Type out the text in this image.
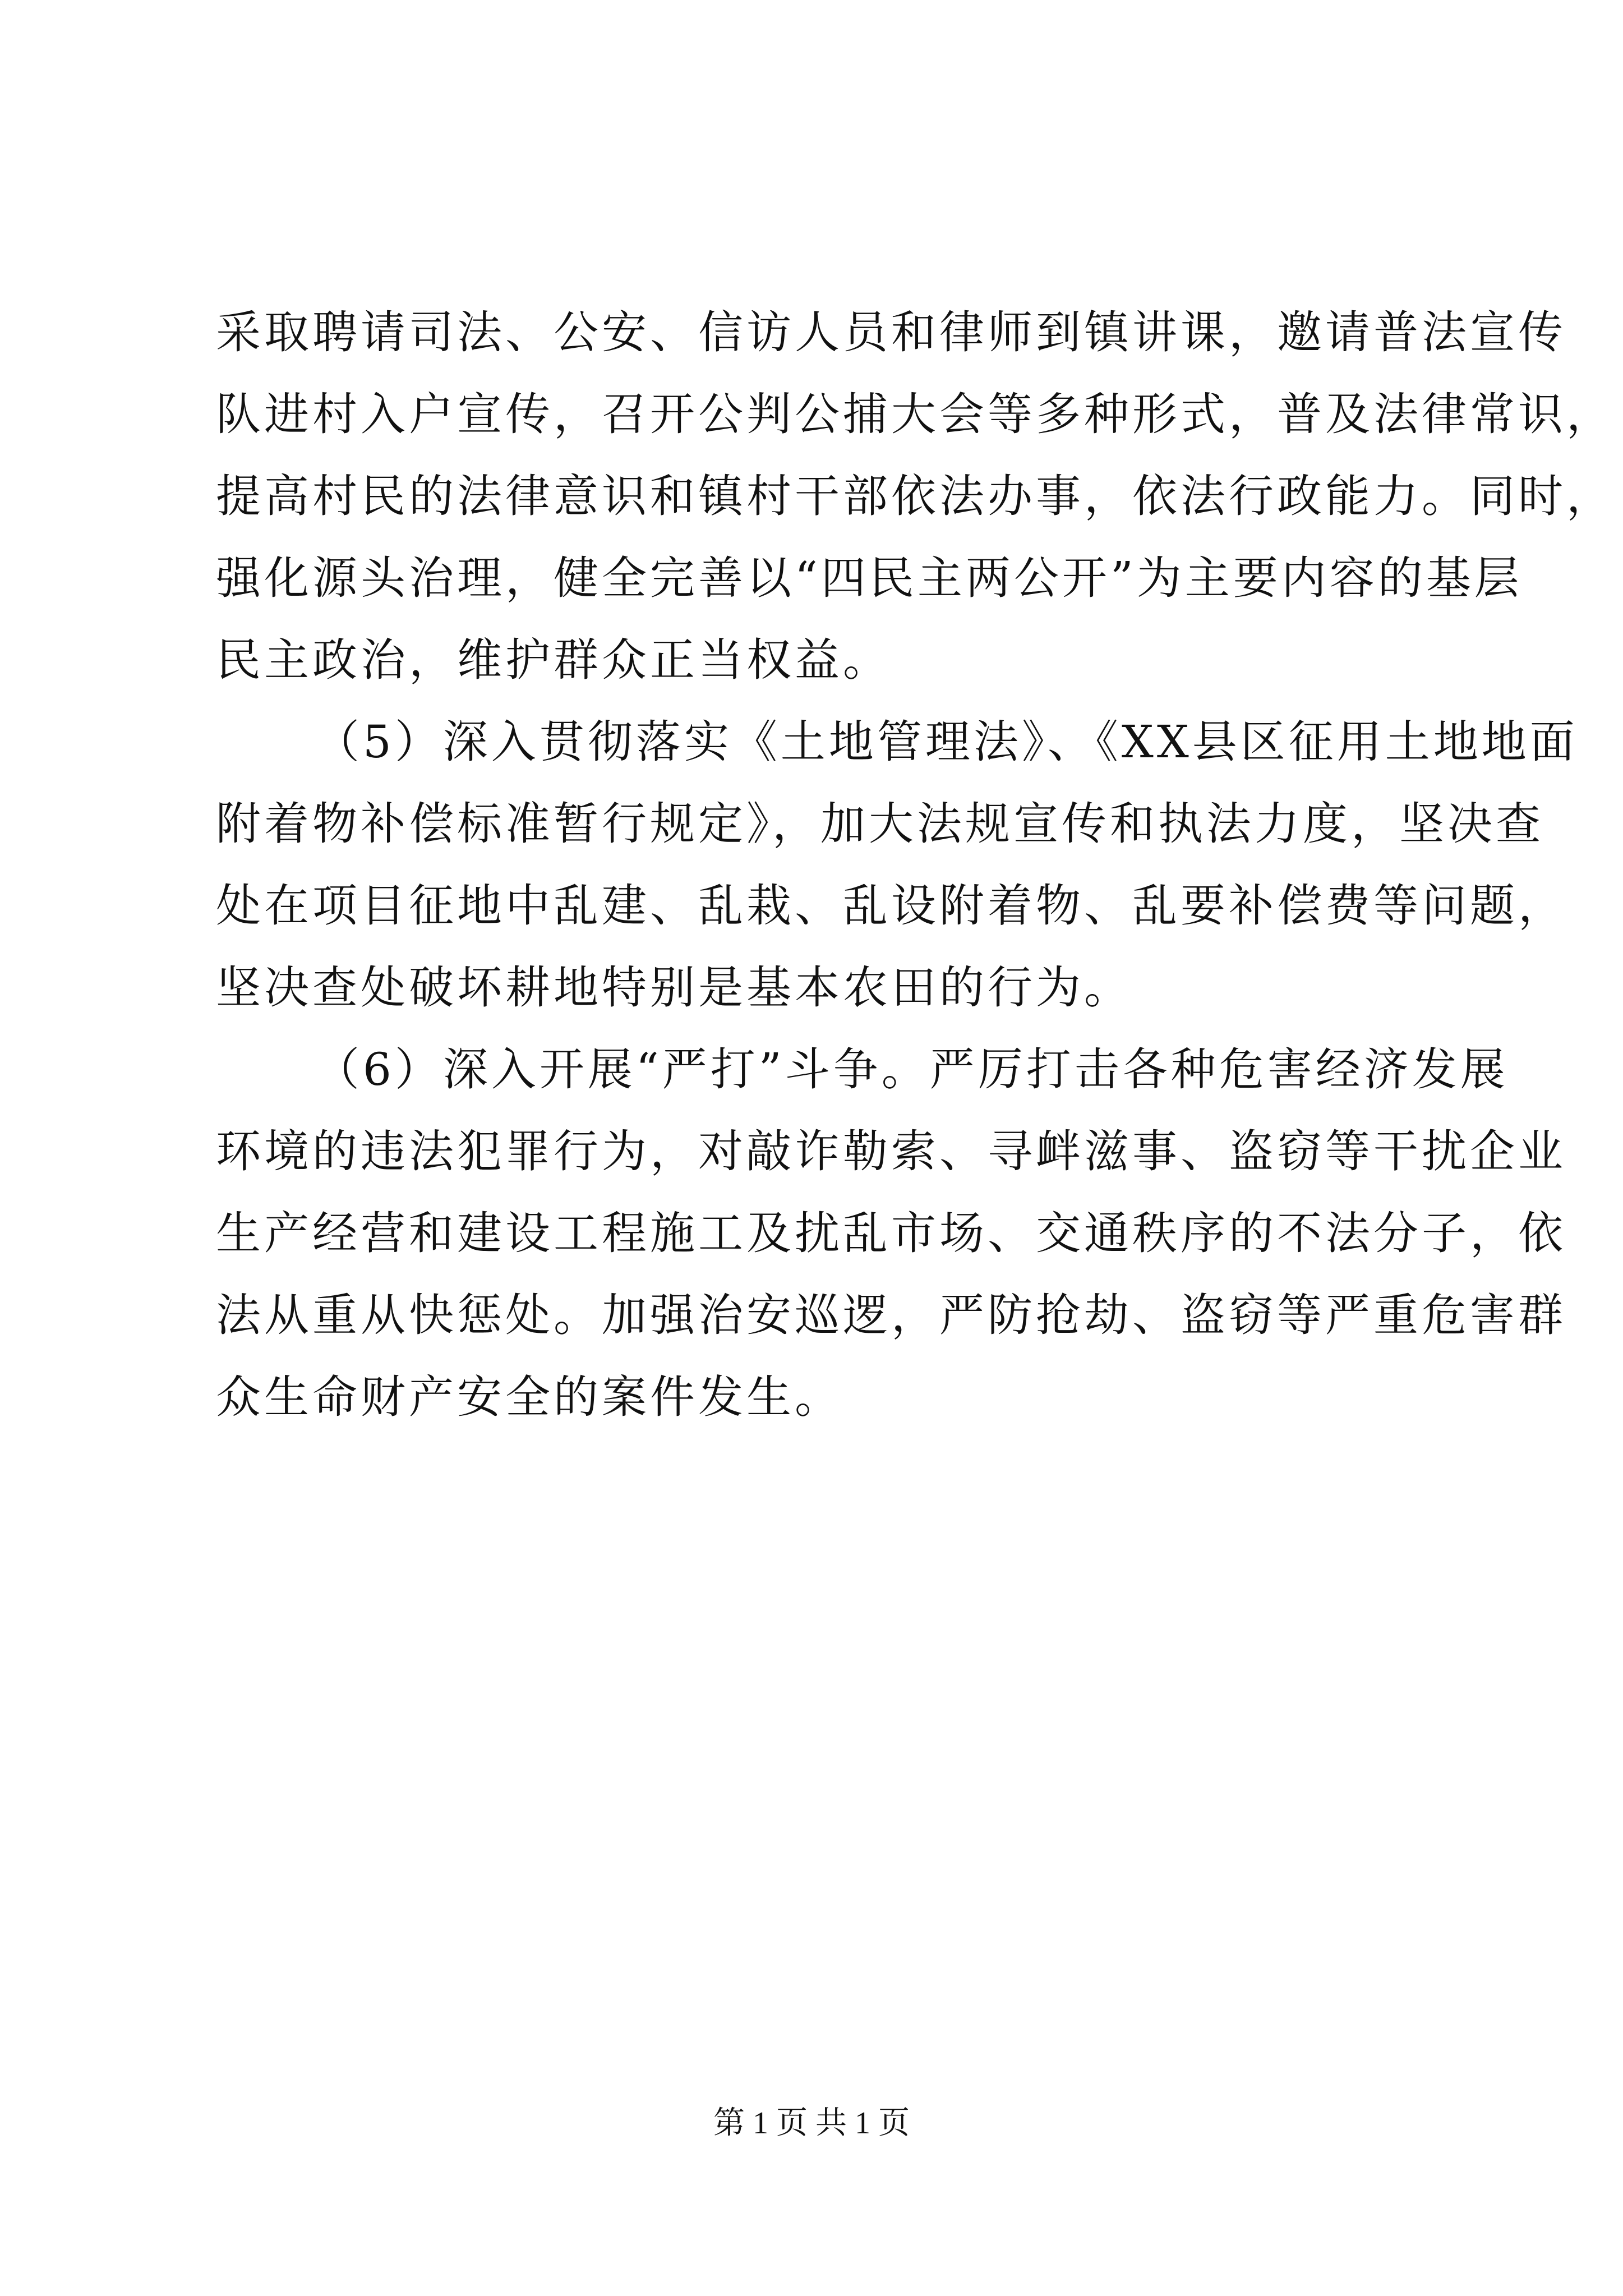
采取聘请司法、公安、信访人员和律师到镇讲课，邀请普法宣传
队进村入户宣传，召开公判公捕大会等多种形式，普及法律常识，
提高村民的法律意识和镇村干部依法办事，依法行政能力。同时，
强化源头治理，健全完善以“四民主两公开”为主要内容的基层
民主政治，维护群众正当权益。
（5）深入贯彻落实《土地管理法》、《XX县区征用土地地面
附着物补偿标准暂行规定》，加大法规宣传和执法力度，坚决查
处在项目征地中乱建、乱栽、乱设附着物、乱要补偿费等问题，
坚决查处破坏耕地特别是基本农田的行为。
（6）深入开展“严打”斗争。严厉打击各种危害经济发展
环境的违法犯罪行为，对敲诈勒索、寻衅滋事、盗窃等干扰企业
生产经营和建设工程施工及扰乱市场、交通秩序的不法分子，依
法从重从快惩处。加强治安巡逻，严防抢劫、盗窃等严重危害群
众生命财产安全的案件发生。
第 1 页 共 1 页
